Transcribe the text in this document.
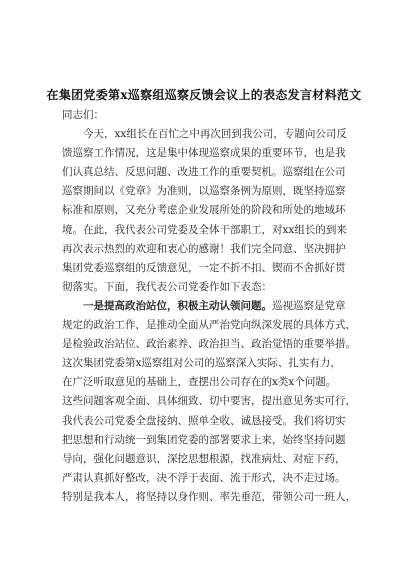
在集团党委第x巡察组巡察反馈会议上的表态发言材料范文
同志们：
今天，xx组长在百忙之中再次回到我公司，专题向公司反
馈巡察工作情况，这是集中体现巡察成果的重要环节，也是我
们认真总结、反思问题、改进工作的重要契机。巡察组在公司
巡察期间以《党章》为准则，以巡察条例为原则，既坚持巡察
标准和原则，又充分考虑企业发展所处的阶段和所处的地域环
境。在此，我代表公司党委及全体干部职工，对xx组长的到来
再次表示热烈的欢迎和衷心的感谢！我们完全同意、坚决拥护
集团党委巡察组的反馈意见，一定不折不扣、锲而不舍抓好贯
彻落实。下面，我代表公司党委作如下表态：
一是提高政治站位，积极主动认领问题。巡视巡察是党章
规定的政治工作，是推动全面从严治党向纵深发展的具体方式，
是检验政治站位、政治素养、政治担当、政治觉悟的重要举措。
这次集团党委第x巡察组对公司的巡察深入实际、扎实有力，
在广泛听取意见的基础上，查摆出公司存在的x类x个问题。
这些问题客观全面、具体细致、切中要害，提出意见务实可行，
我代表公司党委全盘接纳、照单全收、诚恳接受。我们将切实
把思想和行动统一到集团党委的部署要求上来，始终坚持问题
导向，强化问题意识，深挖思想根源，找准病灶、对症下药，
严肃认真抓好整改，决不浮于表面、流于形式，决不走过场。
特别是我本人，将坚持以身作则、率先垂范，带领公司一班人，
